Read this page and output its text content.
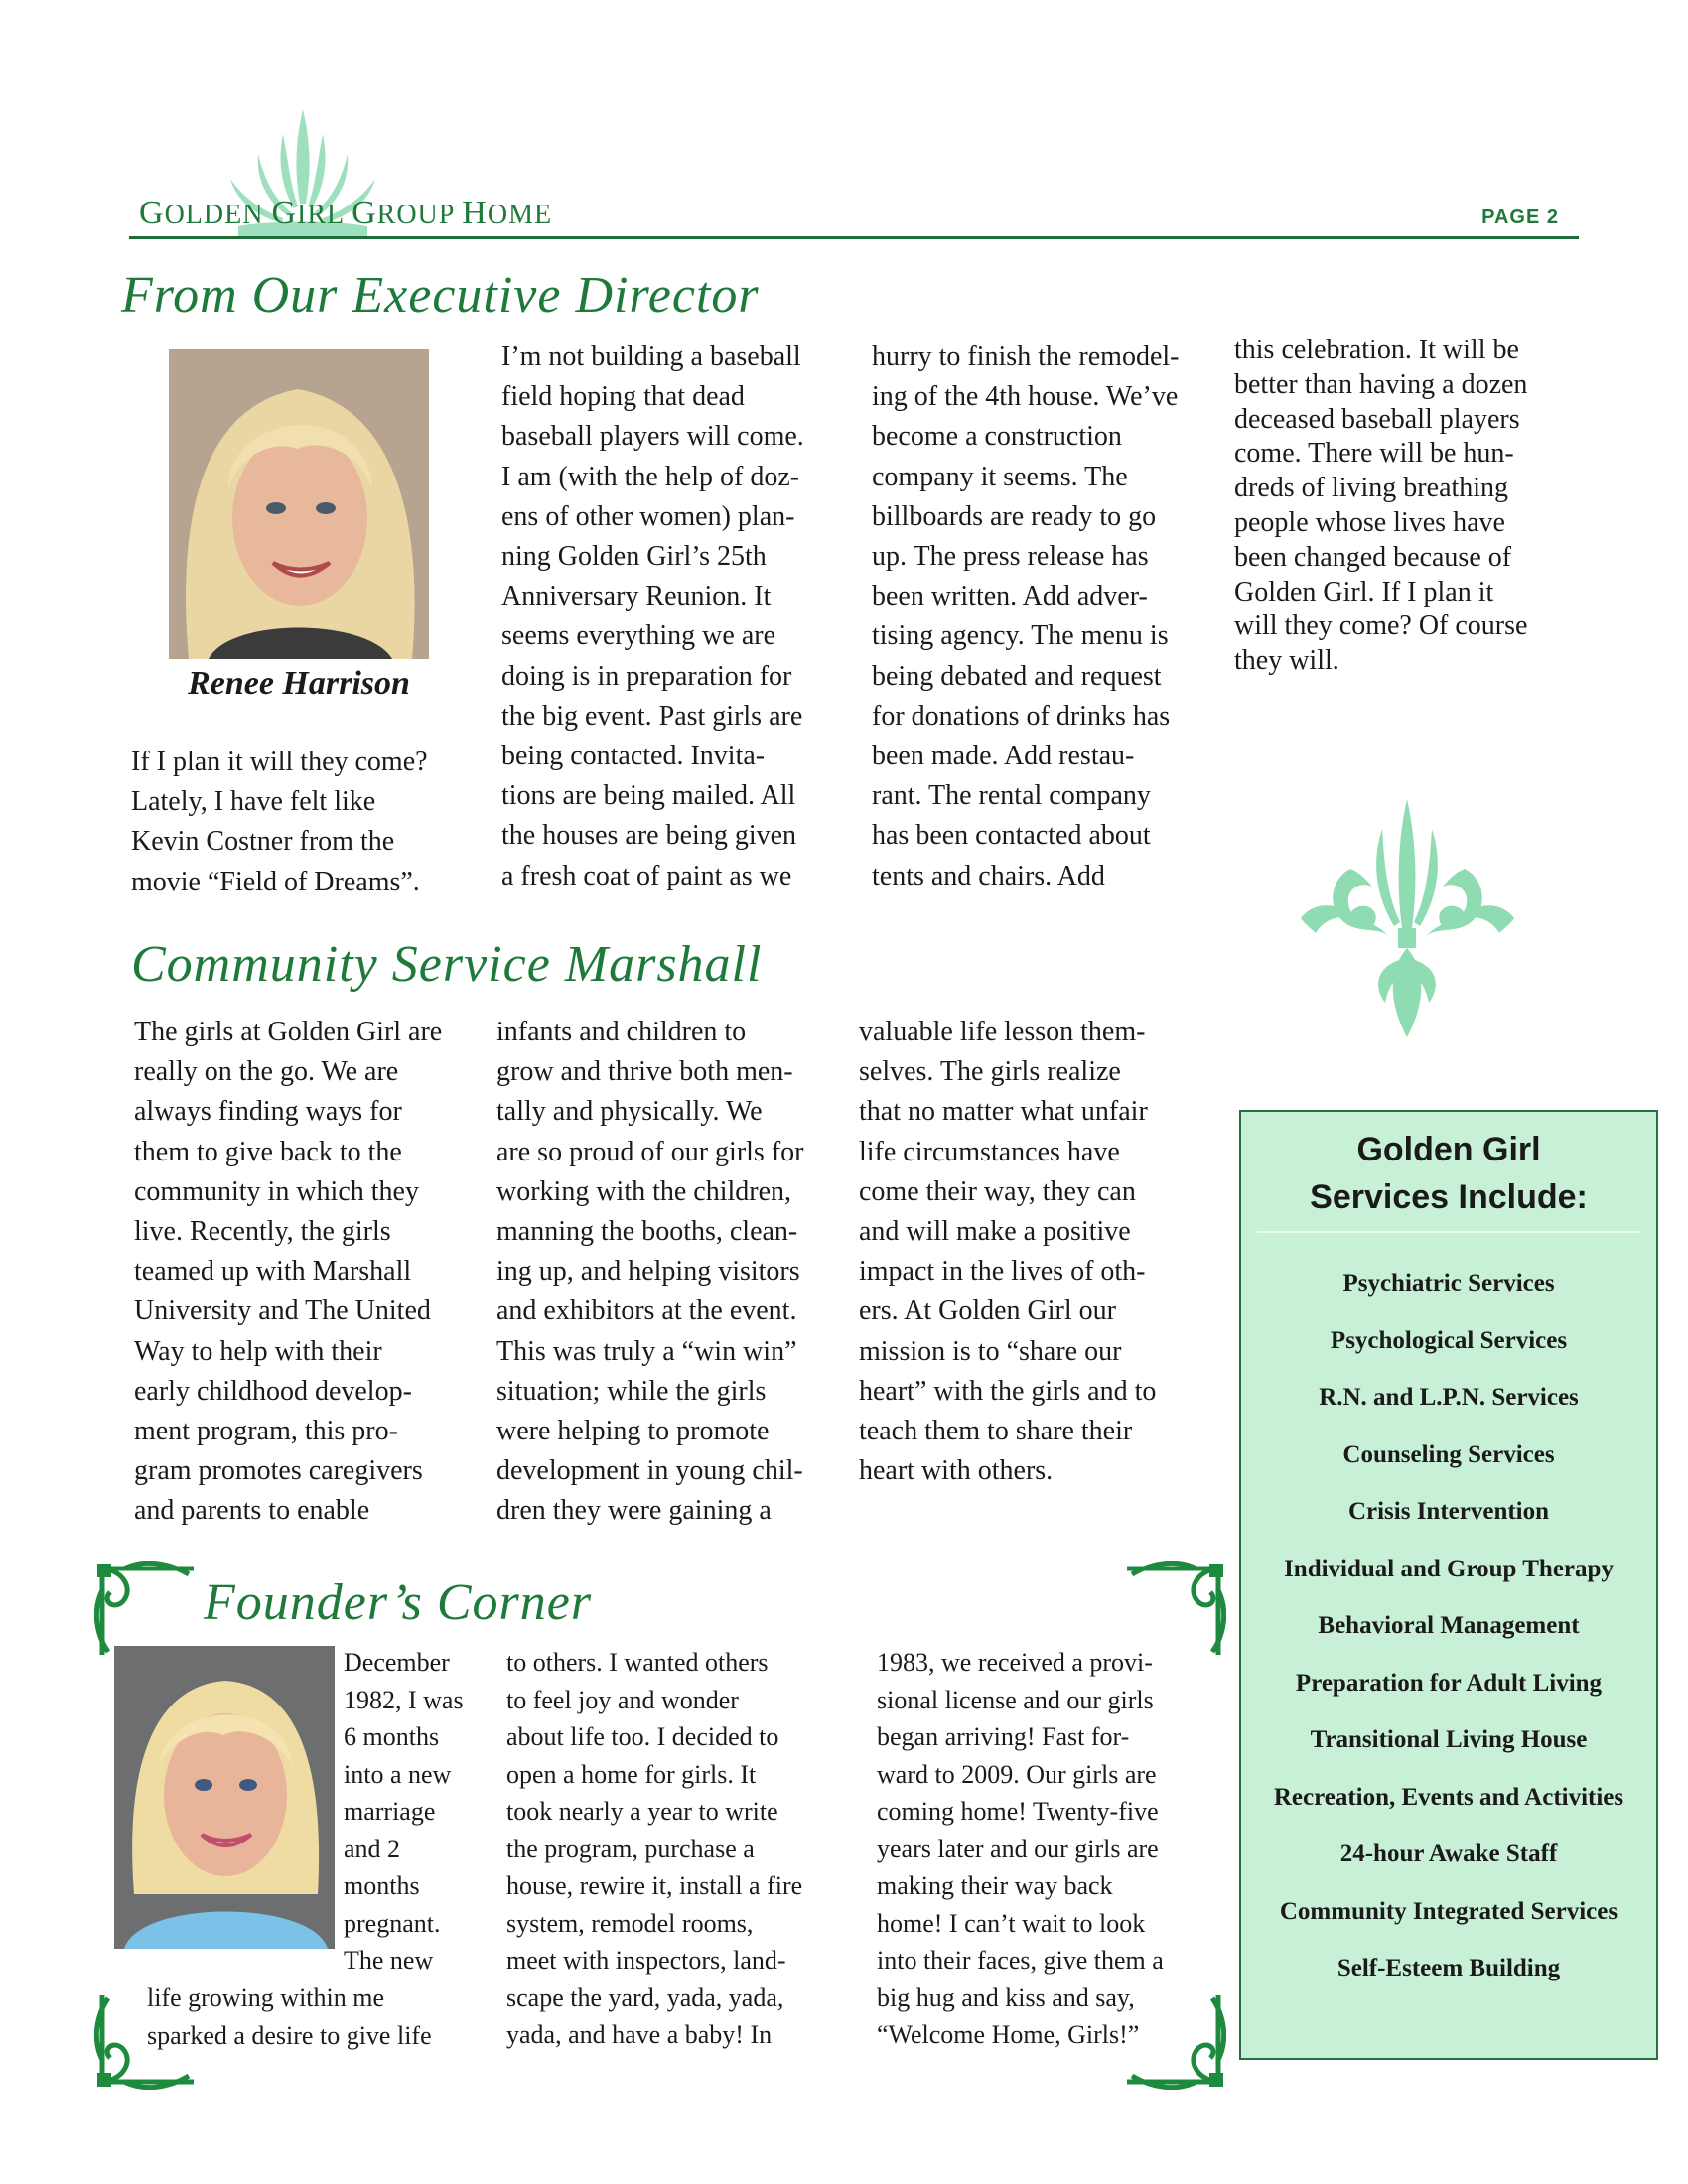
GOLDEN GIRL GROUP HOME	PAGE 2
From Our Executive Director
Renee Harrison

If I plan it will they come?

Lately, I have felt like

Kevin Costner from the

movie “Field of Dreams”.

I’m not building a baseball

field hoping that dead

baseball players will come.

I am (with the help of doz-

ens of other women) plan-

ning Golden Girl’s 25th

Anniversary Reunion. It

seems everything we are

doing is in preparation for

the big event. Past girls are

being contacted. Invita-

tions are being mailed. All

the houses are being given

a fresh coat of paint as we

hurry to finish the remodel-

ing of the 4th house. We’ve

become a construction

company it seems. The

billboards are ready to go

up. The press release has

been written. Add adver-

tising agency. The menu is

being debated and request

for donations of drinks has

been made. Add restau-

rant. The rental company

has been contacted about

tents and chairs. Add

this celebration. It will be

better than having a dozen

deceased baseball players

come. There will be hun-

dreds of living breathing

people whose lives have

been changed because of

Golden Girl. If I plan it

will they come? Of course

they will.

Community Service Marshall

The girls at Golden Girl are

really on the go. We are

always finding ways for

them to give back to the

community in which they

live. Recently, the girls

teamed up with Marshall

University and The United

Way to help with their

early childhood develop-

ment program, this pro-

gram promotes caregivers

and parents to enable

infants and children to

grow and thrive both men-

tally and physically. We

are so proud of our girls for

working with the children,

manning the booths, clean-

ing up, and helping visitors

and exhibitors at the event.

This was truly a “win win”

situation; while the girls

were helping to promote

development in young chil-

dren they were gaining a

valuable life lesson them-

selves. The girls realize

that no matter what unfair

life circumstances have

come their way, they can

and will make a positive

impact in the lives of oth-

ers. At Golden Girl our

mission is to “share our

heart” with the girls and to

teach them to share their

heart with others.

Golden Girl
Services Include:
Psychiatric Services
Psychological Services
R.N. and L.P.N. Services
Counseling Services
Crisis Intervention
Individual and Group Therapy
Behavioral Management
Preparation for Adult Living
Transitional Living House
Recreation, Events and Activities
24-hour Awake Staff
Community Integrated Services
Self-Esteem Building
Founder’s Corner

December

1982, I was

6 months

into a new

marriage

and 2

months

pregnant.

The new

life growing within me

sparked a desire to give life

to others. I wanted others

to feel joy and wonder

about life too. I decided to

open a home for girls. It

took nearly a year to write

the program, purchase a

house, rewire it, install a fire

system, remodel rooms,

meet with inspectors, land-

scape the yard, yada, yada,

yada, and have a baby! In

1983, we received a provi-

sional license and our girls

began arriving! Fast for-

ward to 2009. Our girls are

coming home! Twenty-five

years later and our girls are

making their way back

home! I can’t wait to look

into their faces, give them a

big hug and kiss and say,

“Welcome Home, Girls!”
